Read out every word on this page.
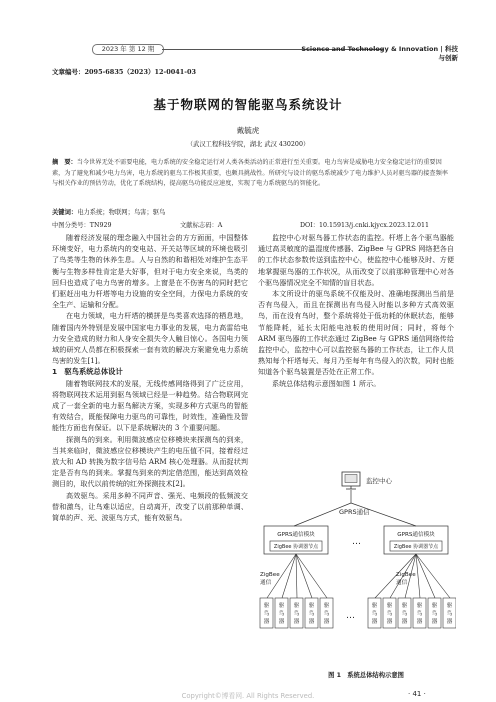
2023 年 第 12 期	Science and Technology & Innovation | 科技与创新
文章编号：2095-6835（2023）12-0041-03
基于物联网的智能驱鸟系统设计
戴毓虎
（武汉工程科技学院，湖北 武汉 430200）
摘　要：当今世界无处不需要电能，电力系统的安全稳定运行对人类各类活动的正常进行至关重要。电力鸟害是威胁电力安全稳定运行的重要因素，为了避免和减少电力鸟害，电力系统的驱鸟工作极其重要，也颇具挑战性。所研究与设计的驱鸟系统减少了电力维护人员对驱鸟器的接查频率与相关作业的预估劳动，优化了系统结构，提高驱鸟功能反应速度，实现了电力系统驱鸟的智能化。
关键词：电力系统；物联网；鸟害；驱鸟
中图分类号：TN929	文献标志码：A	DOI：10.15913/j.cnki.kjycx.2023.12.011

随着经济发展的理念融入中国社会的方方面面，中国整体环境变好，电力系统内的变电站、开关站等区域的环境也吸引了鸟类等生物的休养生息。人与自然的和谐相处对维护生态平衡与生物多样性肯定是大好事，但对于电力安全来说，鸟类的回归也造成了电力鸟害的增多。上窗是在不伤害鸟的同时把它们驱赶出电力杆塔等电力设施的安全空间，力保电力系统的安全生产、运输和分配。

在电力领域，电力杆塔的横拼是鸟类喜欢选择的栖息地，随着国内外特别是发展中国家电力事业的发展，电力高雷给电力安全造成的财力和人身安全损失令人触目惊心。各国电力领域的研究人员都在积极探索一套有效的解决方案避免电力系统鸟害的发生[1]。

1　驱鸟系统总体设计

随着物联网技术的发展，无线传感网络得到了广泛应用，将物联网技术运用到驱鸟领域已经是一种趋势。结合物联网完成了一套全新的电力驱鸟解决方案，实现多种方式驱鸟的智能有效结合，既能保障电力驱鸟的可靠性，时效性，准确性及智能性方面也有保证。以下是系统解决的 3 个重要问题。

探测鸟的到来。利用微波感应位移模块来探测鸟的到来，当其来临时，微波感应位移模块产生的电压值不同，接着经过放大和 AD 转换为数字信号给 ARM 核心处理器。从而捉状判定是否有鸟的到来。掌握鸟到来的判定借范围，能达到高效检测目的，取代以前传统的红外探测技术[2]。

高效驱鸟。采用多种不同声音、强光、电频段的低频波交替和激鸟，让鸟难以适应，自动离开，改变了以前那种单调、简单的声、光、波驱鸟方式，能有效驱鸟。

监控中心对驱鸟器工作状态的监控。杆塔上各个驱鸟器能通过高灵敏度的温湿度传感器、ZigBee 与 GPRS 网络把各自的工作状态参数传送到监控中心，使监控中心能够及时、方便地掌握驱鸟器的工作状况，从而改变了以前那种管理中心对各个驱鸟器情况完全不知情的盲目状态。

本文所设计的驱鸟系统不仅能及时、准确地探测出当前是否有鸟侵入，而且在探测出有鸟侵入时能以多种方式高效驱鸟，而在没有鸟时，整个系统将处于低功耗的休眠状态，能够节能降耗，延长太阳能电池板的使用时间；同时，将每个 ARM 驱鸟器的工作状态通过 ZigBee 与 GPRS 通信网络传给监控中心，监控中心可以监控驱鸟器的工作状态，让工作人员熟知每个杆塔每天、每月乃至每年有鸟侵入的次数，同时也能知道各个驱鸟装置是否处在正常工作。

系统总体结构示意图如图 1 所示。

监控中心
GPRS通信
GPRS通信模块
ZigBee 协调器节点
GPRS通信模块
ZigBee 协调器节点
…
ZigBee
通信
ZigBee
通信
驱
鸟
器
驱
鸟
器
驱
鸟
器
驱
鸟
器
驱
鸟
器
驱
鸟
器
驱
鸟
器
驱
鸟
器
驱
鸟
器
驱
鸟
器
驱
鸟
器
…
图 1　系统总体结构示意图
· 41 ·
Copyright©博看网. All Rights Reserved.
